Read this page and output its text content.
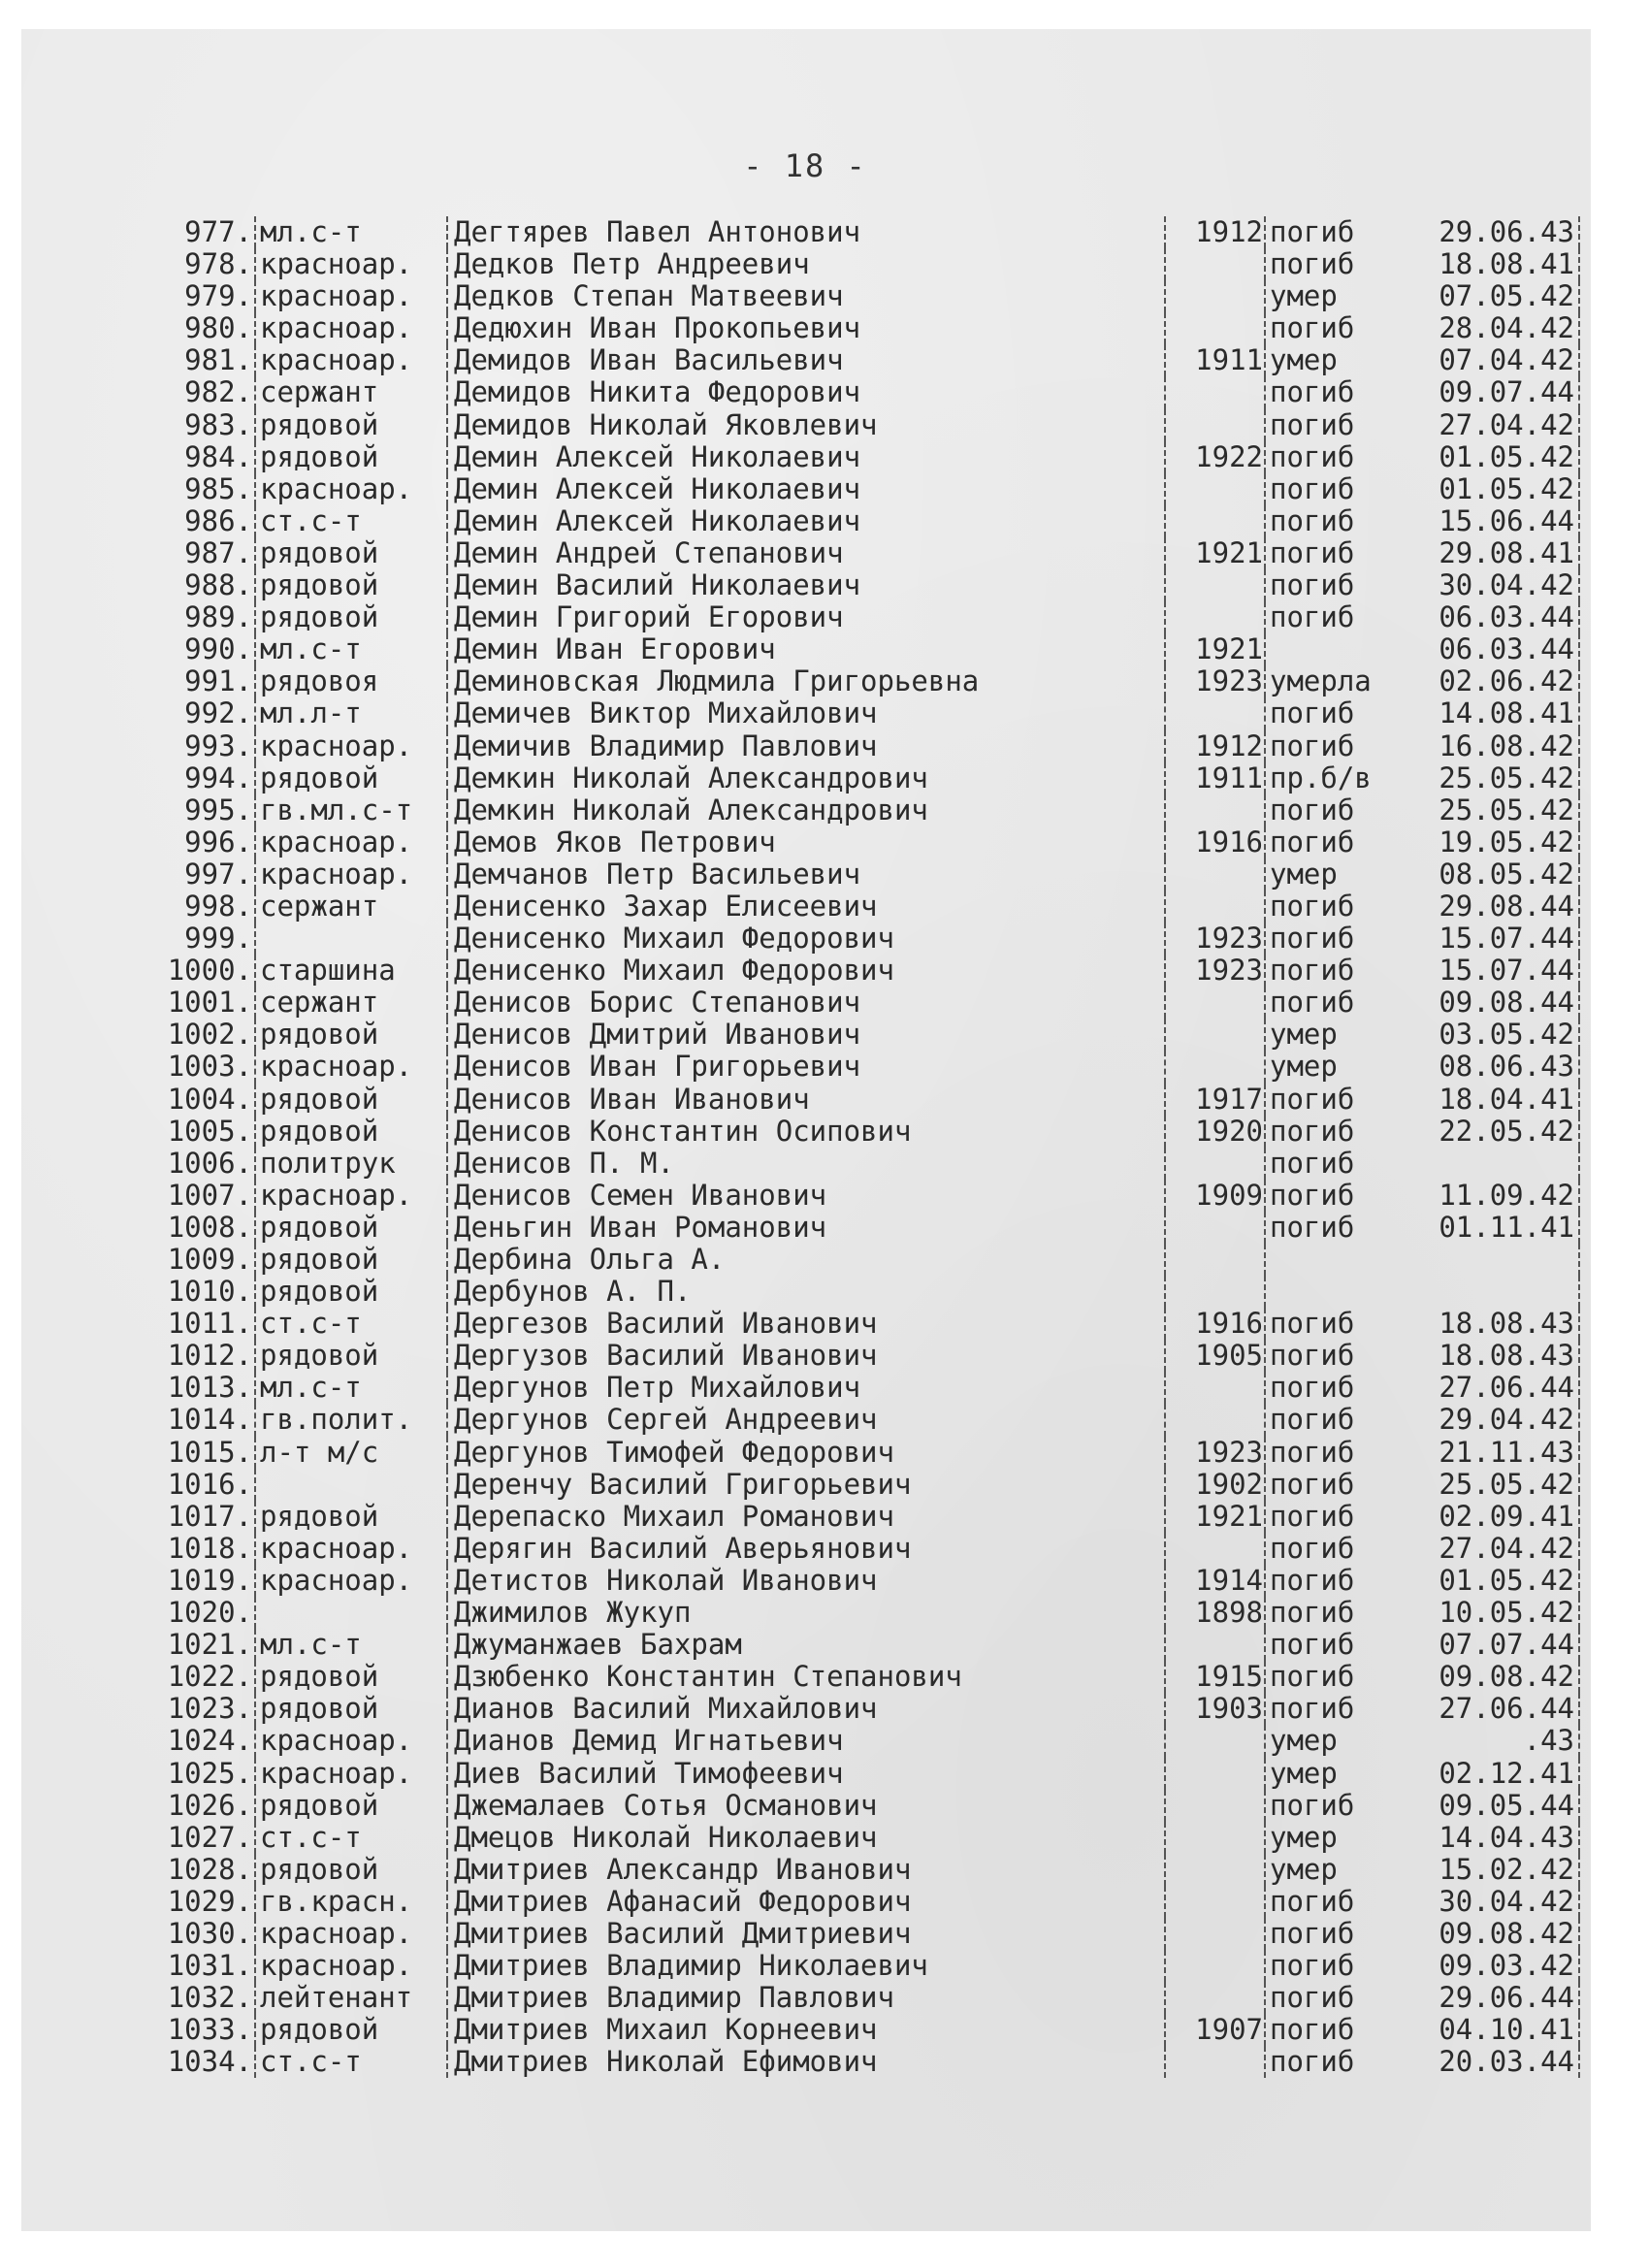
- 18 -
977. мл.с-т	Дегтярев Павел Антонович	1912 погиб	29.06.43
978. красноар.	Дедков Петр Андреевич	погиб	18.08.41
979. красноар.	Дедков Степан Матвеевич	умер	07.05.42
980. красноар.	Дедюхин Иван Прокопьевич	погиб	28.04.42
981. красноар.	Демидов Иван Васильевич	1911 умер	07.04.42
982. сержант	Демидов Никита Федорович	погиб	09.07.44
983. рядовой	Демидов Николай Яковлевич	погиб	27.04.42
984. рядовой	Демин Алексей Николаевич	1922 погиб	01.05.42
985. красноар.	Демин Алексей Николаевич	погиб	01.05.42
986. ст.с-т	Демин Алексей Николаевич	погиб	15.06.44
987. рядовой	Демин Андрей Степанович	1921 погиб	29.08.41
988. рядовой	Демин Василий Николаевич	погиб	30.04.42
989. рядовой	Демин Григорий Егорович	погиб	06.03.44
990. мл.с-т	Демин Иван Егорович	1921	06.03.44
991. рядовоя	Деминовская Людмила Григорьевна	1923 умерла	02.06.42
992. мл.л-т	Демичев Виктор Михайлович	погиб	14.08.41
993. красноар.	Демичив Владимир Павлович	1912 погиб	16.08.42
994. рядовой	Демкин Николай Александрович	1911 пр.б/в	25.05.42
995. гв.мл.с-т	Демкин Николай Александрович	погиб	25.05.42
996. красноар.	Демов Яков Петрович	1916 погиб	19.05.42
997. красноар.	Демчанов Петр Васильевич	умер	08.05.42
998. сержант	Денисенко Захар Елисеевич	погиб	29.08.44
999.	Денисенко Михаил Федорович	1923 погиб	15.07.44
1000. старшина	Денисенко Михаил Федорович	1923 погиб	15.07.44
1001. сержант	Денисов Борис Степанович	погиб	09.08.44
1002. рядовой	Денисов Дмитрий Иванович	умер	03.05.42
1003. красноар.	Денисов Иван Григорьевич	умер	08.06.43
1004. рядовой	Денисов Иван Иванович	1917 погиб	18.04.41
1005. рядовой	Денисов Константин Осипович	1920 погиб	22.05.42
1006. политрук	Денисов П. М.	погиб
1007. красноар.	Денисов Семен Иванович	1909 погиб	11.09.42
1008. рядовой	Деньгин Иван Романович	погиб	01.11.41
1009. рядовой	Дербина Ольга А.
1010. рядовой	Дербунов А. П.
1011. ст.с-т	Дергезов Василий Иванович	1916 погиб	18.08.43
1012. рядовой	Дергузов Василий Иванович	1905 погиб	18.08.43
1013. мл.с-т	Дергунов Петр Михайлович	погиб	27.06.44
1014. гв.полит.	Дергунов Сергей Андреевич	погиб	29.04.42
1015. л-т м/с	Дергунов Тимофей Федорович	1923 погиб	21.11.43
1016.	Деренчу Василий Григорьевич	1902 погиб	25.05.42
1017. рядовой	Дерепаско Михаил Романович	1921 погиб	02.09.41
1018. красноар.	Дерягин Василий Аверьянович	погиб	27.04.42
1019. красноар.	Детистов Николай Иванович	1914 погиб	01.05.42
1020.	Джимилов Жукуп	1898 погиб	10.05.42
1021. мл.с-т	Джуманжаев Бахрам	погиб	07.07.44
1022. рядовой	Дзюбенко Константин Степанович	1915 погиб	09.08.42
1023. рядовой	Дианов Василий Михайлович	1903 погиб	27.06.44
1024. красноар.	Дианов Демид Игнатьевич	умер	.43
1025. красноар.	Диев Василий Тимофеевич	умер	02.12.41
1026. рядовой	Джемалаев Сотья Османович	погиб	09.05.44
1027. ст.с-т	Дмецов Николай Николаевич	умер	14.04.43
1028. рядовой	Дмитриев Александр Иванович	умер	15.02.42
1029. гв.красн.	Дмитриев Афанасий Федорович	погиб	30.04.42
1030. красноар.	Дмитриев Василий Дмитриевич	погиб	09.08.42
1031. красноар.	Дмитриев Владимир Николаевич	погиб	09.03.42
1032. лейтенант	Дмитриев Владимир Павлович	погиб	29.06.44
1033. рядовой	Дмитриев Михаил Корнеевич	1907 погиб	04.10.41
1034. ст.с-т	Дмитриев Николай Ефимович	погиб	20.03.44
